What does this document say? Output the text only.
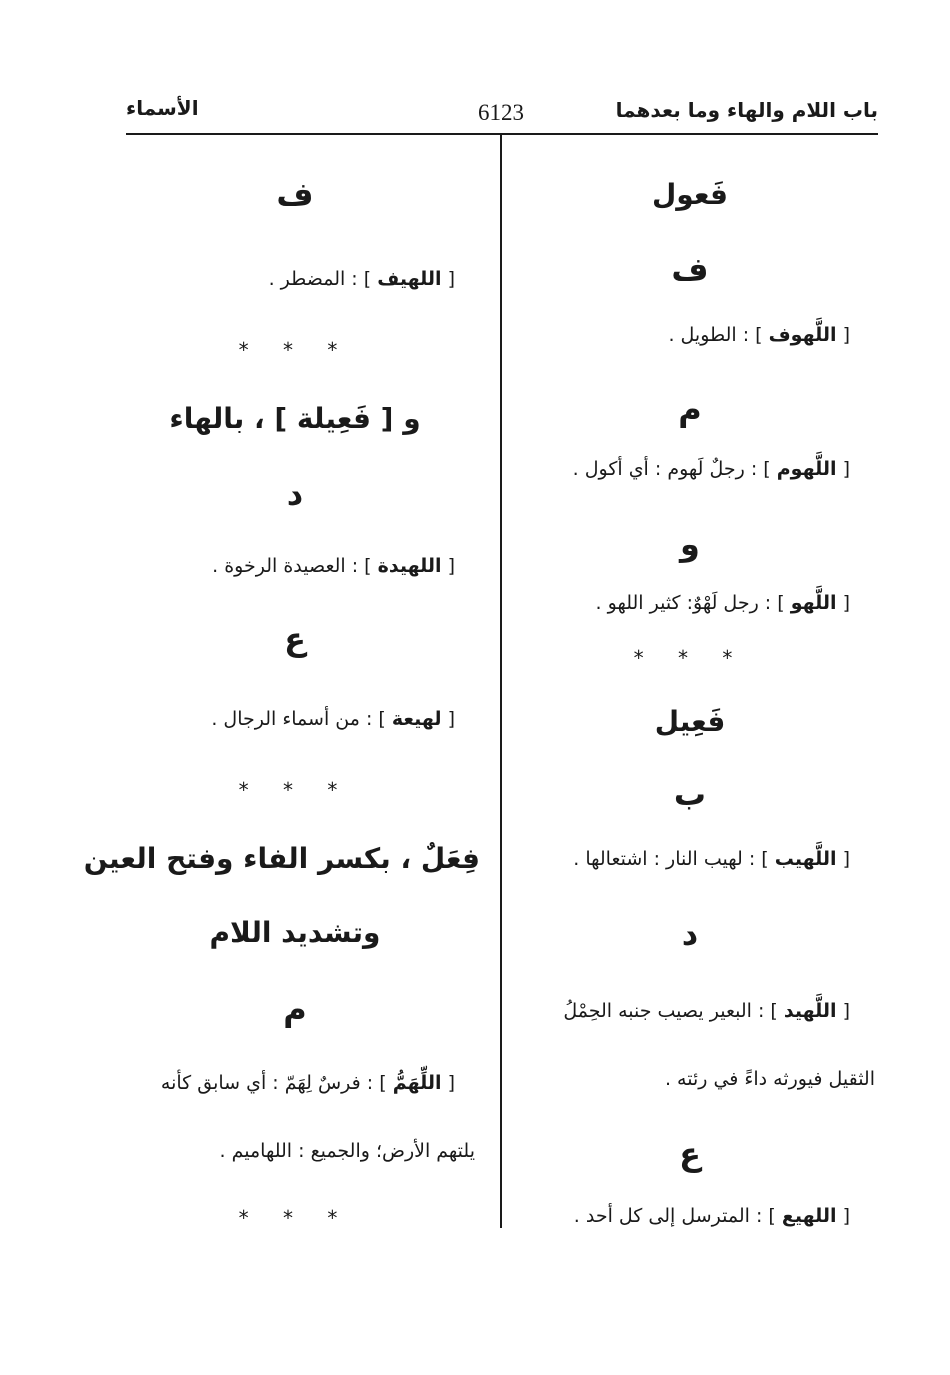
باب اللام والهاء وما بعدهما
6123
الأسماء
فَعول
ف
[ اللَّهوف ] : الطويل .
م
[ اللَّهوم ] : رجلٌ لَهوم : أي أكول .
و
[ اللَّهو ] : رجل لَهْوٌ: كثير اللهو .
* * *
فَعِيل
ب
[ اللَّهيب ] : لهيب النار : اشتعالها .
د
[ اللَّهيد ] : البعير يصيب جنبه الحِمْلُ
الثقيل فيورثه داءً في رئته .
ع
[ اللهيع ] : المترسل إلى كل أحد .
ف
[ اللهيف ] : المضطر .
* * *
و [ فَعِيلة ] ، بالهاء
د
[ اللهيدة ] : العصيدة الرخوة .
ع
[ لهيعة ] : من أسماء الرجال .
* * *
فِعَلٌ ، بكسر الفاء وفتح العين
وتشديد اللام
م
[ اللِّهَمُّ ] : فرسٌ لِهَمّ : أي سابق كأنه
يلتهم الأرض؛ والجميع : اللهاميم .
* * *
